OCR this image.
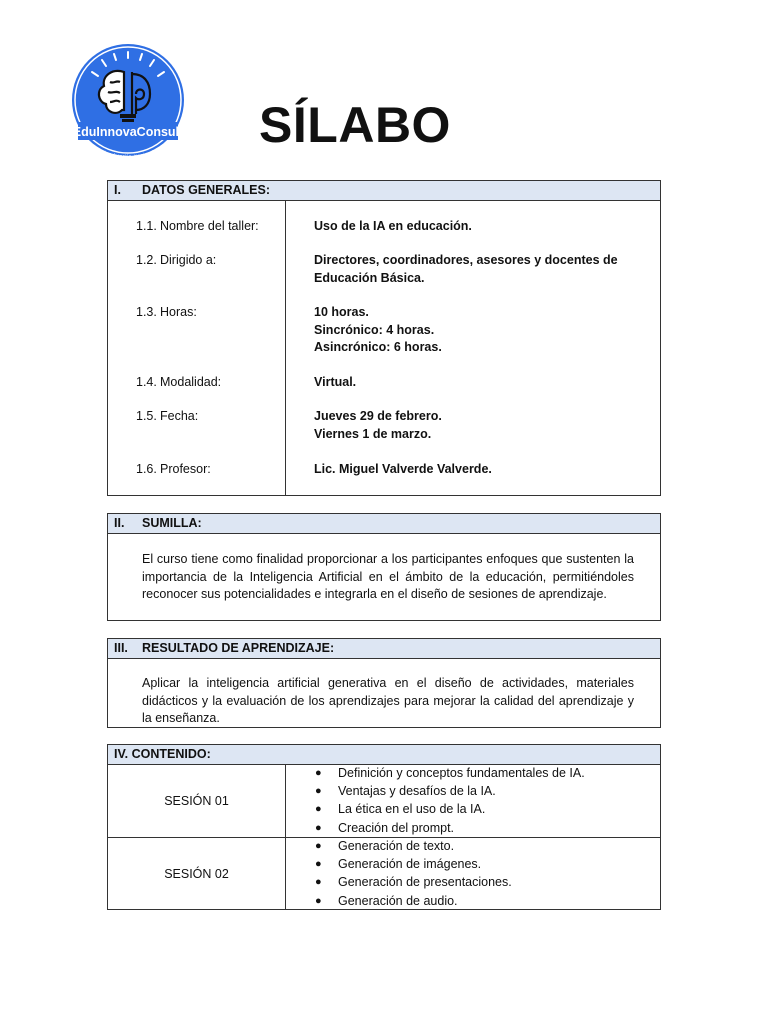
EduInnovaConsult
ansformando educación, inspirando innovaci	SÍLABO
I. DATOS GENERALES:
1.1. Nombre del taller:	Uso de la IA en educación.
1.2. Dirigido a:	Directores, coordinadores, asesores y docentes de Educación Básica.
1.3. Horas:	10 horas.
Sincrónico: 4 horas.
Asincrónico: 6 horas.
1.4. Modalidad:	Virtual.
1.5. Fecha:	Jueves 29 de febrero.
Viernes 1 de marzo.
1.6. Profesor:	Lic. Miguel Valverde Valverde.
II. SUMILLA:
El curso tiene como finalidad proporcionar a los participantes enfoques que sustenten la importancia de la Inteligencia Artificial en el ámbito de la educación, permitiéndoles reconocer sus potencialidades e integrarla en el diseño de sesiones de aprendizaje.
III. RESULTADO DE APRENDIZAJE:
Aplicar la inteligencia artificial generativa en el diseño de actividades, materiales didácticos y la evaluación de los aprendizajes para mejorar la calidad del aprendizaje y la enseñanza.
IV. CONTENIDO:
SESIÓN 01
● Definición y conceptos fundamentales de IA.
● Ventajas y desafíos de la IA.
● La ética en el uso de la IA.
● Creación del prompt.
SESIÓN 02
● Generación de texto.
● Generación de imágenes.
● Generación de presentaciones.
● Generación de audio.
